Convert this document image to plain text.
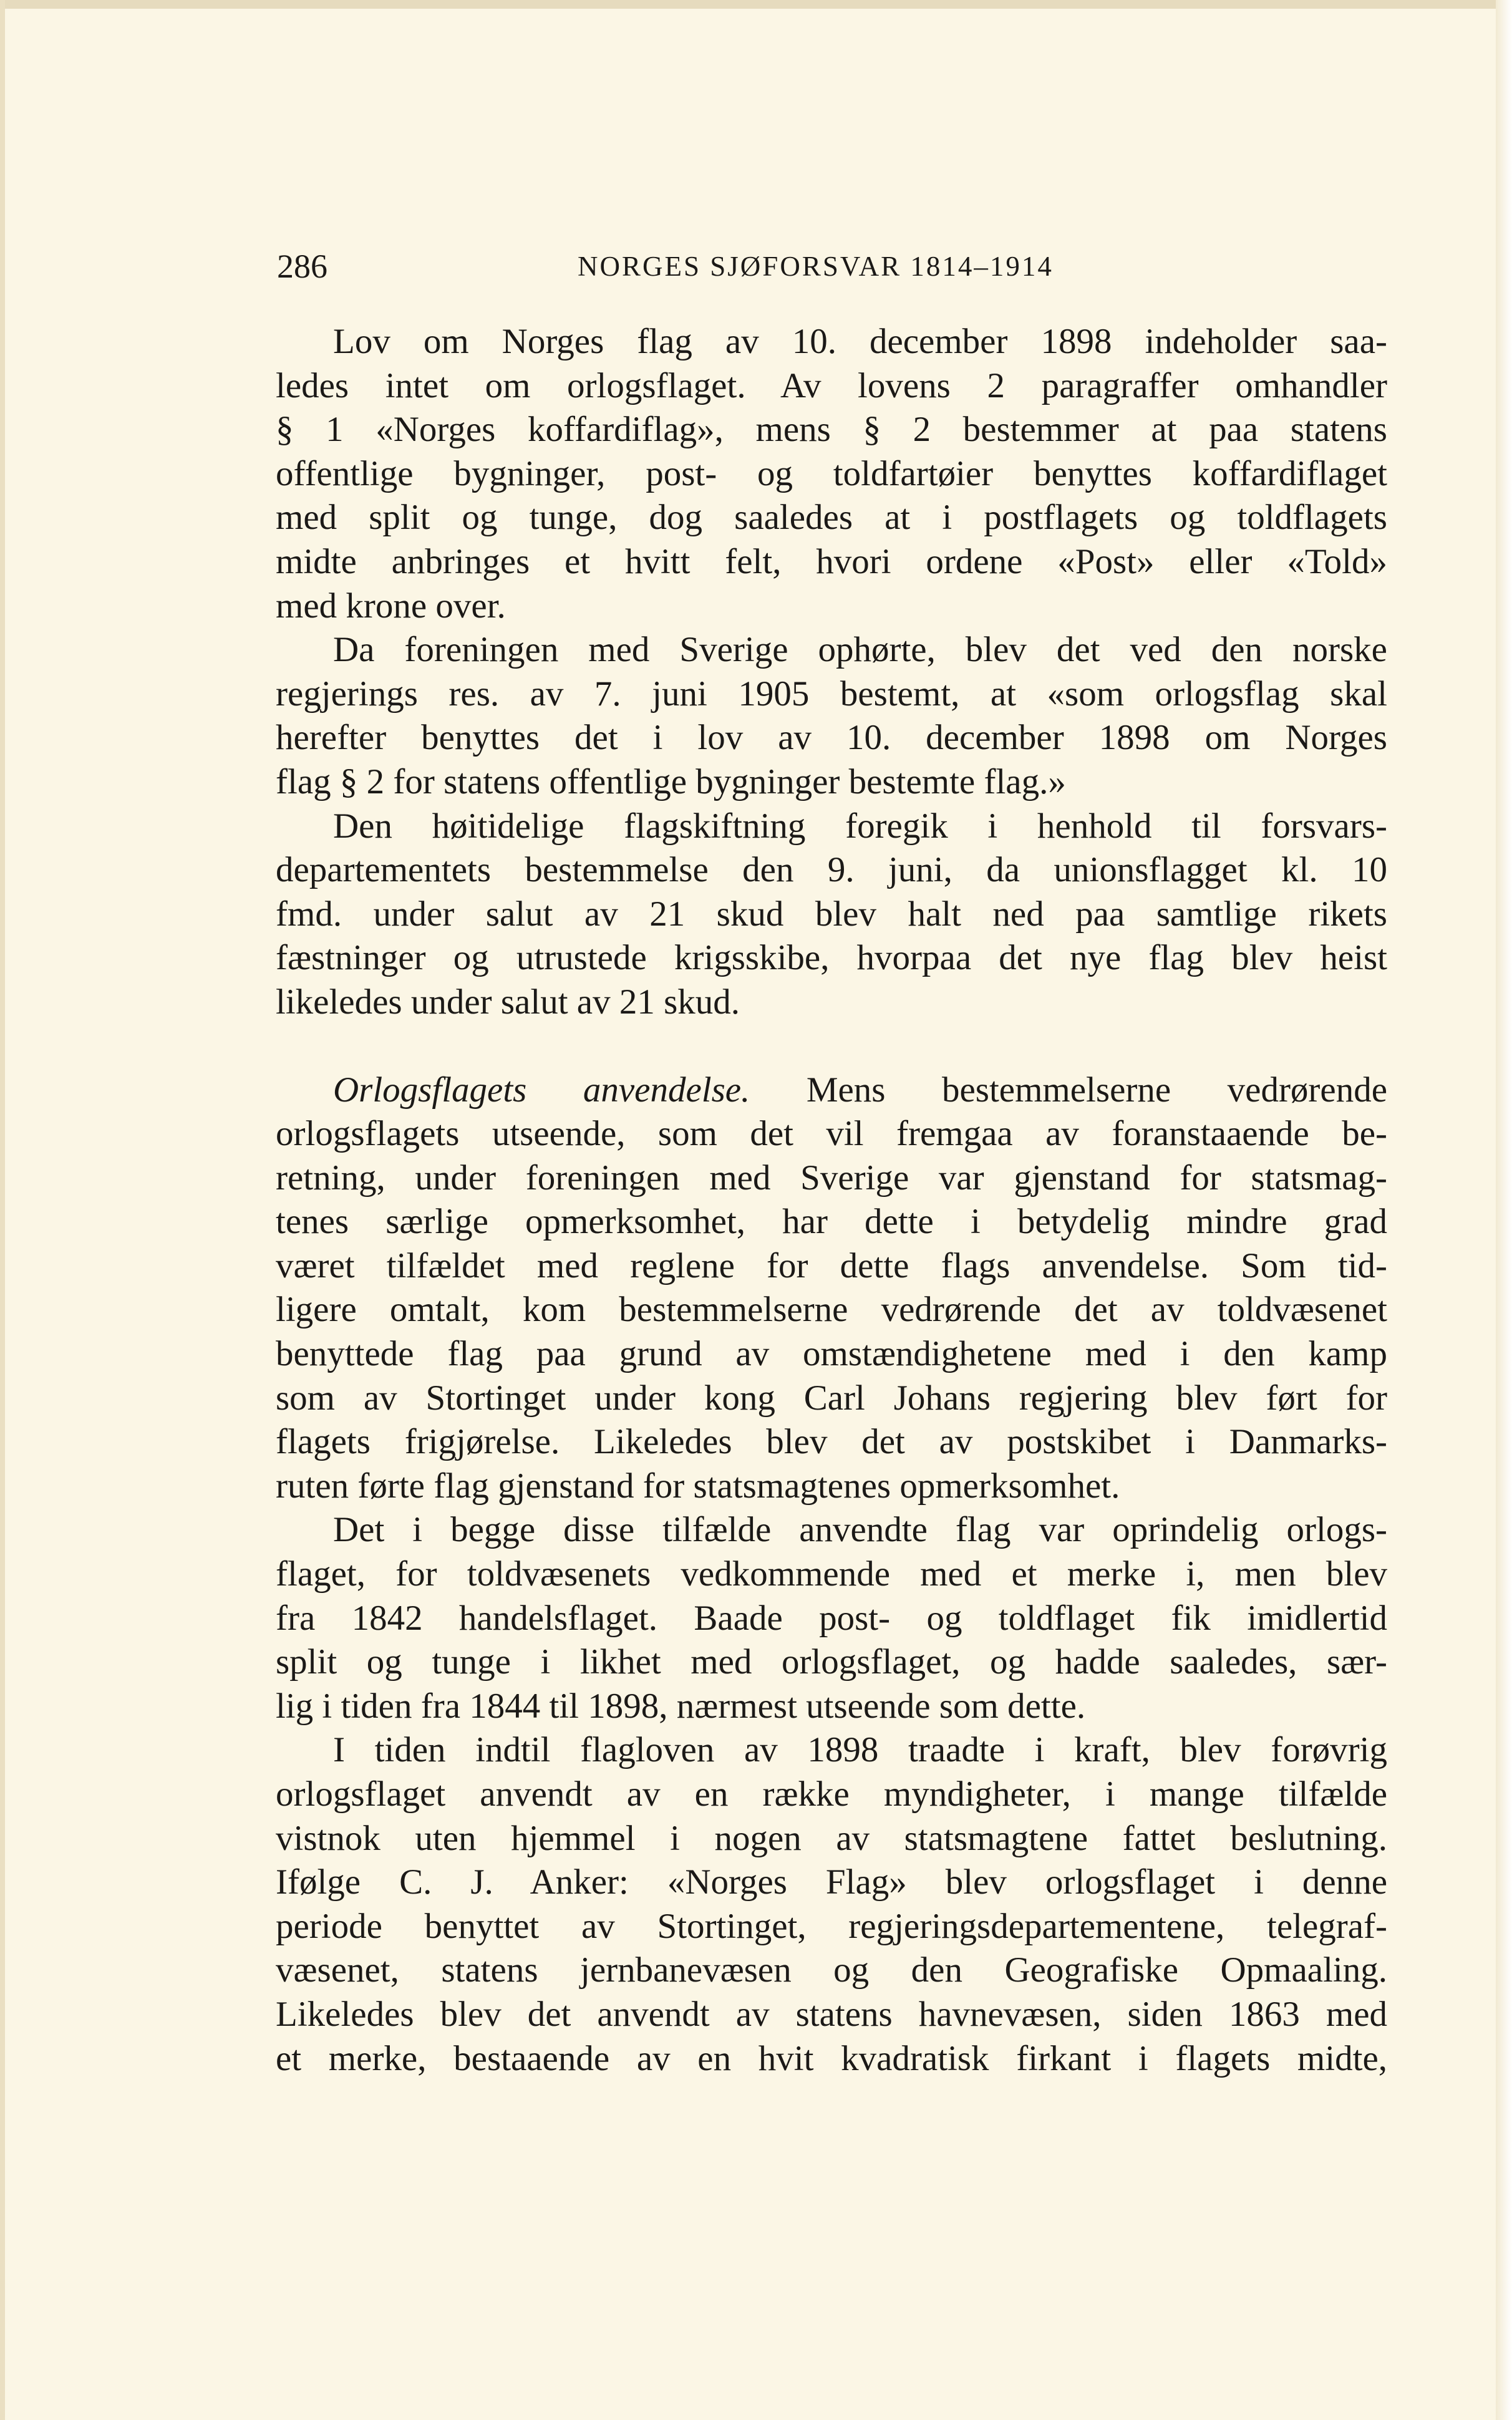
286	NORGES SJØFORSVAR 1814–1914
Lov om Norges flag av 10. december 1898 indeholder saa-
ledes intet om orlogsflaget. Av lovens 2 paragraffer omhandler
§ 1 «Norges koffardiflag», mens § 2 bestemmer at paa statens
offentlige bygninger, post- og toldfartøier benyttes koffardiflaget
med split og tunge, dog saaledes at i postflagets og toldflagets
midte anbringes et hvitt felt, hvori ordene «Post» eller «Told»
med krone over.
Da foreningen med Sverige ophørte, blev det ved den norske
regjerings res. av 7. juni 1905 bestemt, at «som orlogsflag skal
herefter benyttes det i lov av 10. december 1898 om Norges
flag § 2 for statens offentlige bygninger bestemte flag.»
Den høitidelige flagskiftning foregik i henhold til forsvars-
departementets bestemmelse den 9. juni, da unionsflagget kl. 10
fmd. under salut av 21 skud blev halt ned paa samtlige rikets
fæstninger og utrustede krigsskibe, hvorpaa det nye flag blev heist
likeledes under salut av 21 skud.
Orlogsflagets anvendelse. Mens bestemmelserne vedrørende
orlogsflagets utseende, som det vil fremgaa av foranstaaende be-
retning, under foreningen med Sverige var gjenstand for statsmag-
tenes særlige opmerksomhet, har dette i betydelig mindre grad
været tilfældet med reglene for dette flags anvendelse. Som tid-
ligere omtalt, kom bestemmelserne vedrørende det av toldvæsenet
benyttede flag paa grund av omstændighetene med i den kamp
som av Stortinget under kong Carl Johans regjering blev ført for
flagets frigjørelse. Likeledes blev det av postskibet i Danmarks-
ruten førte flag gjenstand for statsmagtenes opmerksomhet.
Det i begge disse tilfælde anvendte flag var oprindelig orlogs-
flaget, for toldvæsenets vedkommende med et merke i, men blev
fra 1842 handelsflaget. Baade post- og toldflaget fik imidlertid
split og tunge i likhet med orlogsflaget, og hadde saaledes, sær-
lig i tiden fra 1844 til 1898, nærmest utseende som dette.
I tiden indtil flagloven av 1898 traadte i kraft, blev forøvrig
orlogsflaget anvendt av en række myndigheter, i mange tilfælde
vistnok uten hjemmel i nogen av statsmagtene fattet beslutning.
Ifølge C. J. Anker: «Norges Flag» blev orlogsflaget i denne
periode benyttet av Stortinget, regjeringsdepartementene, telegraf-
væsenet, statens jernbanevæsen og den Geografiske Opmaaling.
Likeledes blev det anvendt av statens havnevæsen, siden 1863 med
et merke, bestaaende av en hvit kvadratisk firkant i flagets midte,
